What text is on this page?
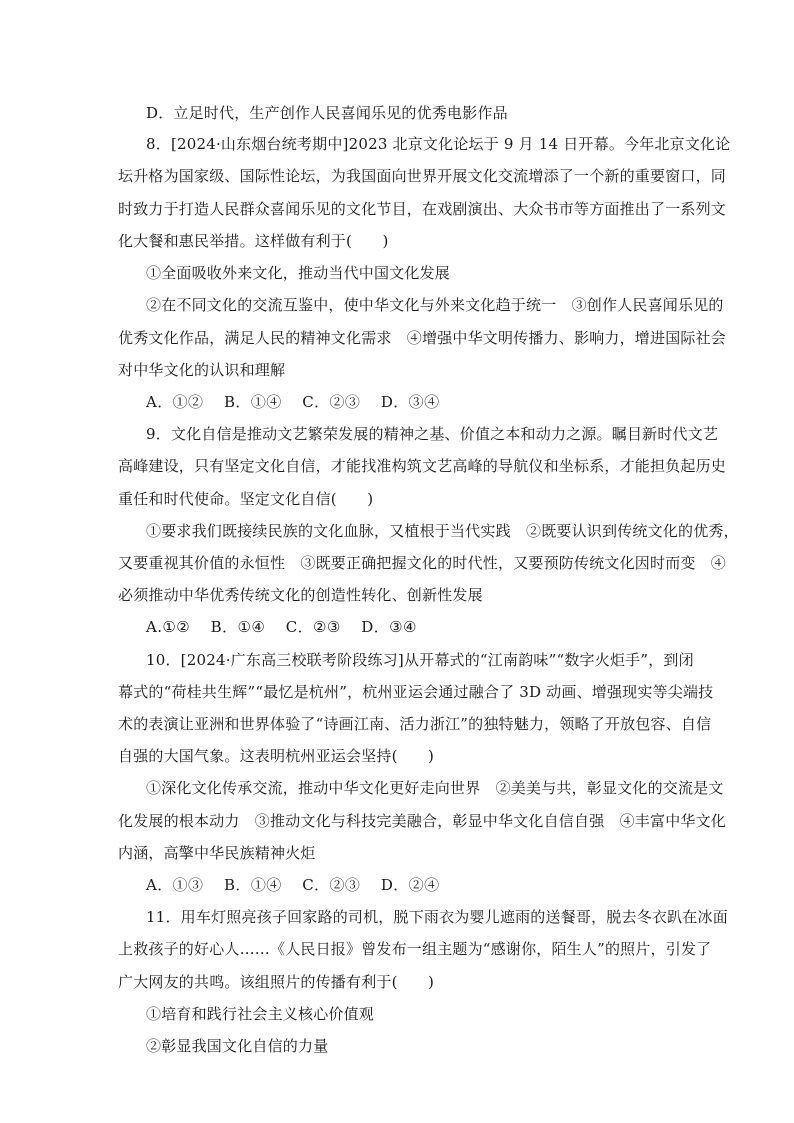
D．立足时代，生产创作人民喜闻乐见的优秀电影作品
8．[2024·山东烟台统考期中]2023 北京文化论坛于 9 月 14 日开幕。今年北京文化论
坛升格为国家级、国际性论坛，为我国面向世界开展文化交流增添了一个新的重要窗口，同
时致力于打造人民群众喜闻乐见的文化节目，在戏剧演出、大众书市等方面推出了一系列文
化大餐和惠民举措。这样做有利于(　　)
①全面吸收外来文化，推动当代中国文化发展
②在不同文化的交流互鉴中，使中华文化与外来文化趋于统一　③创作人民喜闻乐见的
优秀文化作品，满足人民的精神文化需求　④增强中华文明传播力、影响力，增进国际社会
对中华文化的认识和理解
A．①②　 B．①④　 C．②③　 D．③④
9．文化自信是推动文艺繁荣发展的精神之基、价值之本和动力之源。瞩目新时代文艺
高峰建设，只有坚定文化自信，才能找准构筑文艺高峰的导航仪和坐标系，才能担负起历史
重任和时代使命。坚定文化自信(　　)
①要求我们既接续民族的文化血脉，又植根于当代实践　②既要认识到传统文化的优秀，
又要重视其价值的永恒性　③既要正确把握文化的时代性，又要预防传统文化因时而变　④
必须推动中华优秀传统文化的创造性转化、创新性发展
A.①②　 B．①④　 C．②③　 D．③④
10．[2024·广东高三校联考阶段练习]从开幕式的“江南韵味”“数字火炬手”，到闭
幕式的“荷桂共生辉”“最忆是杭州”，杭州亚运会通过融合了 3D 动画、增强现实等尖端技
术的表演让亚洲和世界体验了“诗画江南、活力浙江”的独特魅力，领略了开放包容、自信
自强的大国气象。这表明杭州亚运会坚持(　　)
①深化文化传承交流，推动中华文化更好走向世界　②美美与共，彰显文化的交流是文
化发展的根本动力　③推动文化与科技完美融合，彰显中华文化自信自强　④丰富中华文化
内涵，高擎中华民族精神火炬
A．①③　 B．①④　 C．②③　 D．②④
11．用车灯照亮孩子回家路的司机，脱下雨衣为婴儿遮雨的送餐哥，脱去冬衣趴在冰面
上救孩子的好心人……《人民日报》曾发布一组主题为“感谢你，陌生人”的照片，引发了
广大网友的共鸣。该组照片的传播有利于(　　)
①培育和践行社会主义核心价值观
②彰显我国文化自信的力量
